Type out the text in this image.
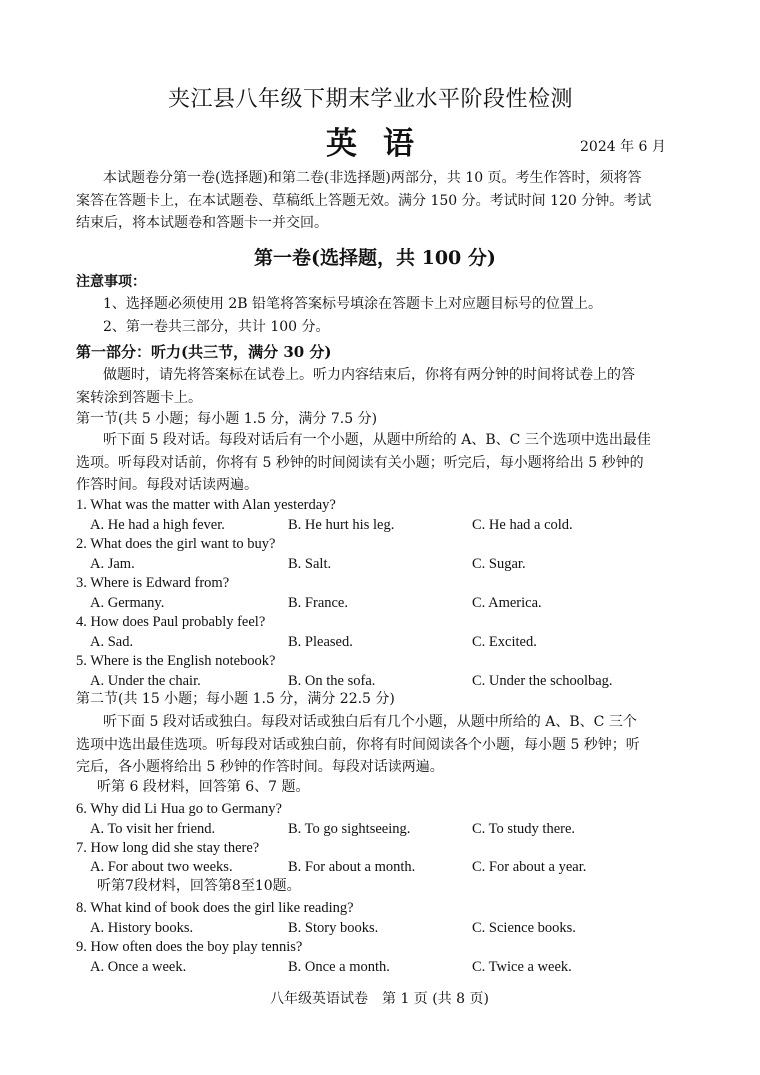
夹江县八年级下期末学业水平阶段性检测
英语	2024 年 6 月
本试题卷分第一卷(选择题)和第二卷(非选择题)两部分，共 10 页。考生作答时，须将答
案答在答题卡上，在本试题卷、草稿纸上答题无效。满分 150 分。考试时间 120 分钟。考试
结束后，将本试题卷和答题卡一并交回。
第一卷(选择题，共 100 分)
注意事项：
1、选择题必须使用 2B 铅笔将答案标号填涂在答题卡上对应题目标号的位置上。
2、第一卷共三部分，共计 100 分。
第一部分：听力(共三节，满分 30 分)
做题时，请先将答案标在试卷上。听力内容结束后，你将有两分钟的时间将试卷上的答
案转涂到答题卡上。
第一节(共 5 小题；每小题 1.5 分，满分 7.5 分)
听下面 5 段对话。每段对话后有一个小题，从题中所给的 A、B、C 三个选项中选出最佳
选项。听每段对话前，你将有 5 秒钟的时间阅读有关小题；听完后，每小题将给出 5 秒钟的
作答时间。每段对话读两遍。
1. What was the matter with Alan yesterday?
A. He had a high fever.	B. He hurt his leg.	C. He had a cold.
2. What does the girl want to buy?
A. Jam.	B. Salt.	C. Sugar.
3. Where is Edward from?
A. Germany.	B. France.	C. America.
4. How does Paul probably feel?
A. Sad.	B. Pleased.	C. Excited.
5. Where is the English notebook?
A. Under the chair.	B. On the sofa.	C. Under the schoolbag.
第二节(共 15 小题；每小题 1.5 分，满分 22.5 分)
听下面 5 段对话或独白。每段对话或独白后有几个小题，从题中所给的 A、B、C 三个
选项中选出最佳选项。听每段对话或独白前，你将有时间阅读各个小题，每小题 5 秒钟；听
完后，各小题将给出 5 秒钟的作答时间。每段对话读两遍。
听第 6 段材料，回答第 6、7 题。
6. Why did Li Hua go to Germany?
A. To visit her friend.	B. To go sightseeing.	C. To study there.
7. How long did she stay there?
A. For about two weeks.	B. For about a month.	C. For about a year.
听第7段材料，回答第8至10题。
8. What kind of book does the girl like reading?
A. History books.	B. Story books.	C. Science books.
9. How often does the boy play tennis?
A. Once a week.	B. Once a month.	C. Twice a week.
八年级英语试卷　第 1 页 (共 8 页)
